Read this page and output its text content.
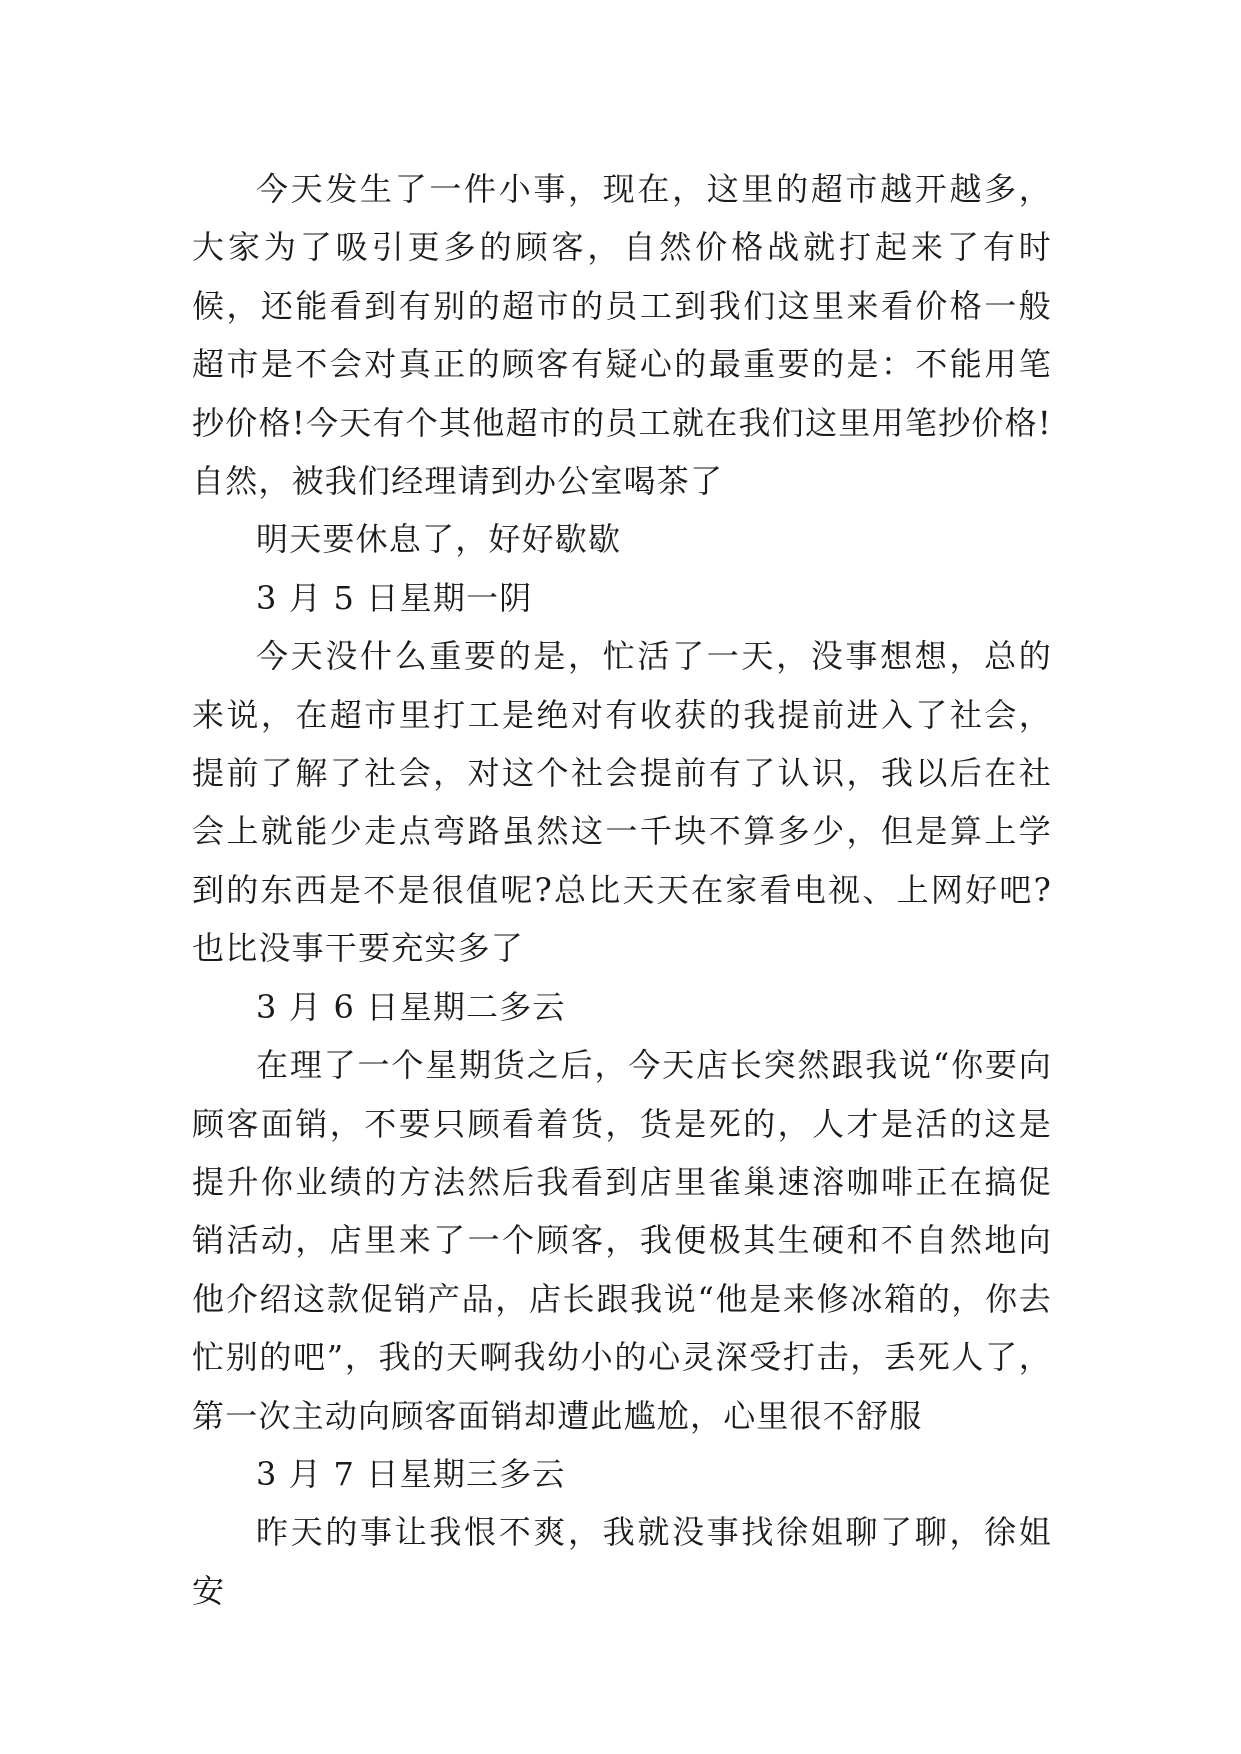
今天发生了一件小事，现在，这里的超市越开越多，大家为了吸引更多的顾客，自然价格战就打起来了有时候，还能看到有别的超市的员工到我们这里来看价格一般超市是不会对真正的顾客有疑心的最重要的是：不能用笔抄价格!今天有个其他超市的员工就在我们这里用笔抄价格!自然，被我们经理请到办公室喝茶了

明天要休息了，好好歇歇

3 月 5 日星期一阴

今天没什么重要的是，忙活了一天，没事想想，总的来说，在超市里打工是绝对有收获的我提前进入了社会，提前了解了社会，对这个社会提前有了认识，我以后在社会上就能少走点弯路虽然这一千块不算多少，但是算上学到的东西是不是很值呢?总比天天在家看电视、上网好吧?也比没事干要充实多了

3 月 6 日星期二多云

在理了一个星期货之后，今天店长突然跟我说“你要向顾客面销，不要只顾看着货，货是死的，人才是活的这是提升你业绩的方法然后我看到店里雀巢速溶咖啡正在搞促销活动，店里来了一个顾客，我便极其生硬和不自然地向他介绍这款促销产品，店长跟我说“他是来修冰箱的，你去忙别的吧”，我的天啊我幼小的心灵深受打击，丢死人了，第一次主动向顾客面销却遭此尴尬，心里很不舒服

3 月 7 日星期三多云

昨天的事让我恨不爽，我就没事找徐姐聊了聊，徐姐安
